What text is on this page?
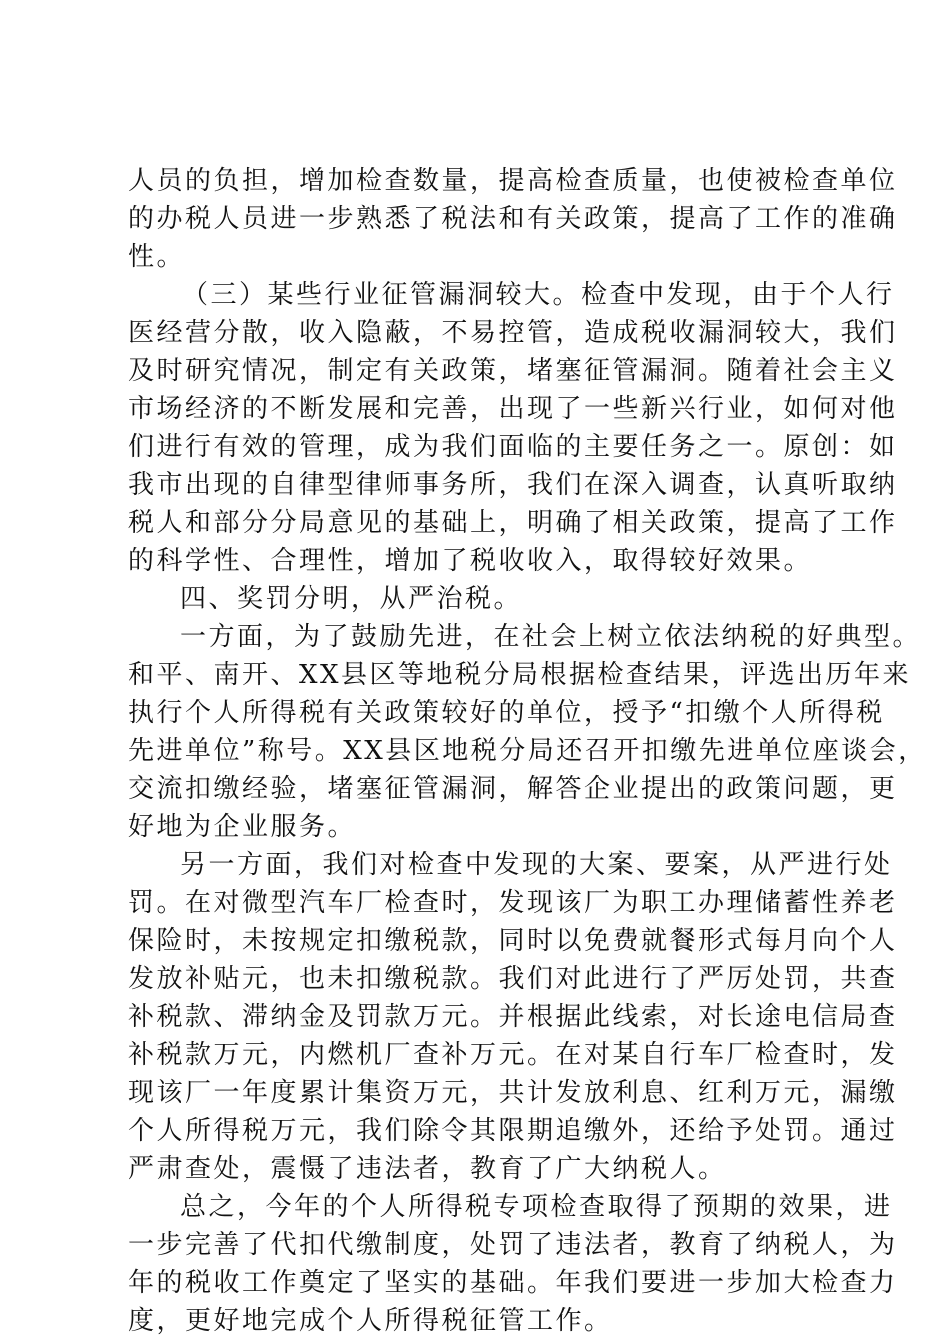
人员的负担，增加检查数量，提高检查质量，也使被检查单位
的办税人员进一步熟悉了税法和有关政策，提高了工作的准确
性。
（三）某些行业征管漏洞较大。检查中发现，由于个人行
医经营分散，收入隐蔽，不易控管，造成税收漏洞较大，我们
及时研究情况，制定有关政策，堵塞征管漏洞。随着社会主义
市场经济的不断发展和完善，出现了一些新兴行业，如何对他
们进行有效的管理，成为我们面临的主要任务之一。原创：如
我市出现的自律型律师事务所，我们在深入调查，认真听取纳
税人和部分分局意见的基础上，明确了相关政策，提高了工作
的科学性、合理性，增加了税收收入，取得较好效果。
四、奖罚分明，从严治税。
一方面，为了鼓励先进，在社会上树立依法纳税的好典型。
和平、南开、XX县区等地税分局根据检查结果，评选出历年来
执行个人所得税有关政策较好的单位，授予“扣缴个人所得税
先进单位”称号。XX县区地税分局还召开扣缴先进单位座谈会，
交流扣缴经验，堵塞征管漏洞，解答企业提出的政策问题，更
好地为企业服务。
另一方面，我们对检查中发现的大案、要案，从严进行处
罚。在对微型汽车厂检查时，发现该厂为职工办理储蓄性养老
保险时，未按规定扣缴税款，同时以免费就餐形式每月向个人
发放补贴元，也未扣缴税款。我们对此进行了严厉处罚，共查
补税款、滞纳金及罚款万元。并根据此线索，对长途电信局查
补税款万元，内燃机厂查补万元。在对某自行车厂检查时，发
现该厂一年度累计集资万元，共计发放利息、红利万元，漏缴
个人所得税万元，我们除令其限期追缴外，还给予处罚。通过
严肃查处，震慑了违法者，教育了广大纳税人。
总之，今年的个人所得税专项检查取得了预期的效果，进
一步完善了代扣代缴制度，处罚了违法者，教育了纳税人，为
年的税收工作奠定了坚实的基础。年我们要进一步加大检查力
度，更好地完成个人所得税征管工作。
